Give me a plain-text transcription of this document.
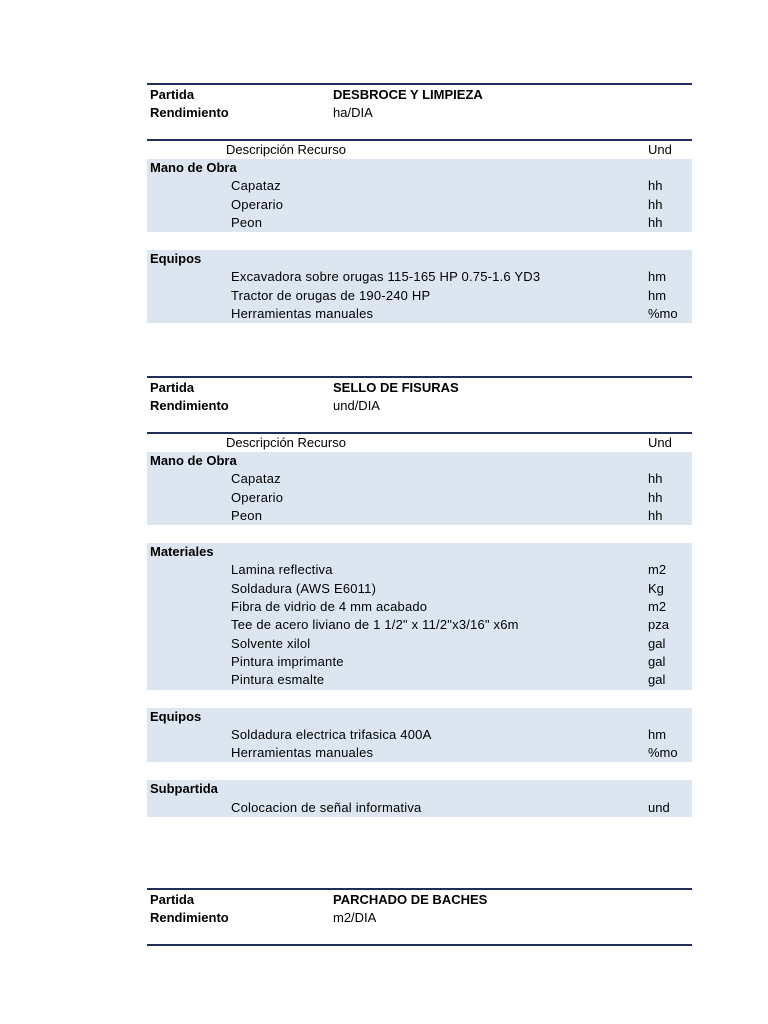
Partida	DESBROCE Y LIMPIEZA
Rendimiento	ha/DIA
Descripción Recurso	Und
Mano de Obra
Capataz	hh
Operario	hh
Peon	hh
Equipos
Excavadora sobre orugas 115-165 HP 0.75-1.6 YD3	hm
Tractor de orugas de 190-240 HP	hm
Herramientas manuales	%mo
Partida	SELLO DE FISURAS
Rendimiento	und/DIA
Descripción Recurso	Und
Mano de Obra
Capataz	hh
Operario	hh
Peon	hh
Materiales
Lamina reflectiva	m2
Soldadura (AWS E6011)	Kg
Fibra de vidrio de 4 mm acabado	m2
Tee de acero liviano de 1 1/2" x 11/2"x3/16" x6m	pza
Solvente xilol	gal
Pintura imprimante	gal
Pintura esmalte	gal
Equipos
Soldadura electrica trifasica 400A	hm
Herramientas manuales	%mo
Subpartida
Colocacion de señal informativa	und
Partida	PARCHADO DE BACHES
Rendimiento	m2/DIA
